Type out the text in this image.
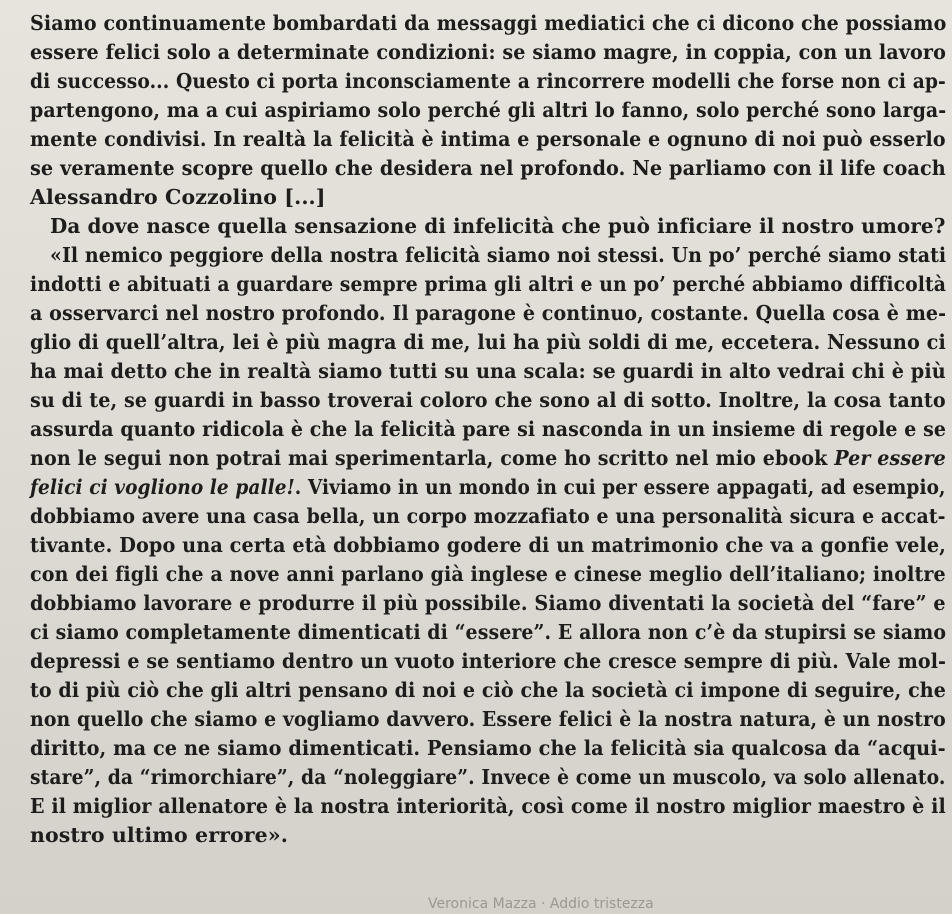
Siamo continuamente bombardati da messaggi mediatici che ci dicono che possiamo
essere felici solo a determinate condizioni: se siamo magre, in coppia, con un lavoro
di successo... Questo ci porta inconsciamente a rincorrere modelli che forse non ci ap-
partengono, ma a cui aspiriamo solo perché gli altri lo fanno, solo perché sono larga-
mente condivisi. In realtà la felicità è intima e personale e ognuno di noi può esserlo
se veramente scopre quello che desidera nel profondo. Ne parliamo con il life coach
Alessandro Cozzolino [...]
Da dove nasce quella sensazione di infelicità che può inficiare il nostro umore?
«Il nemico peggiore della nostra felicità siamo noi stessi. Un po’ perché siamo stati
indotti e abituati a guardare sempre prima gli altri e un po’ perché abbiamo difficoltà
a osservarci nel nostro profondo. Il paragone è continuo, costante. Quella cosa è me-
glio di quell’altra, lei è più magra di me, lui ha più soldi di me, eccetera. Nessuno ci
ha mai detto che in realtà siamo tutti su una scala: se guardi in alto vedrai chi è più
su di te, se guardi in basso troverai coloro che sono al di sotto. Inoltre, la cosa tanto
assurda quanto ridicola è che la felicità pare si nasconda in un insieme di regole e se
non le segui non potrai mai sperimentarla, come ho scritto nel mio ebook Per essere
felici ci vogliono le palle!. Viviamo in un mondo in cui per essere appagati, ad esempio,
dobbiamo avere una casa bella, un corpo mozzafiato e una personalità sicura e accat-
tivante. Dopo una certa età dobbiamo godere di un matrimonio che va a gonfie vele,
con dei figli che a nove anni parlano già inglese e cinese meglio dell’italiano; inoltre
dobbiamo lavorare e produrre il più possibile. Siamo diventati la società del “fare” e
ci siamo completamente dimenticati di “essere”. E allora non c’è da stupirsi se siamo
depressi e se sentiamo dentro un vuoto interiore che cresce sempre di più. Vale mol-
to di più ciò che gli altri pensano di noi e ciò che la società ci impone di seguire, che
non quello che siamo e vogliamo davvero. Essere felici è la nostra natura, è un nostro
diritto, ma ce ne siamo dimenticati. Pensiamo che la felicità sia qualcosa da “acqui-
stare”, da “rimorchiare”, da “noleggiare”. Invece è come un muscolo, va solo allenato.
E il miglior allenatore è la nostra interiorità, così come il nostro miglior maestro è il
nostro ultimo errore».
Veronica Mazza · Addio tristezza
